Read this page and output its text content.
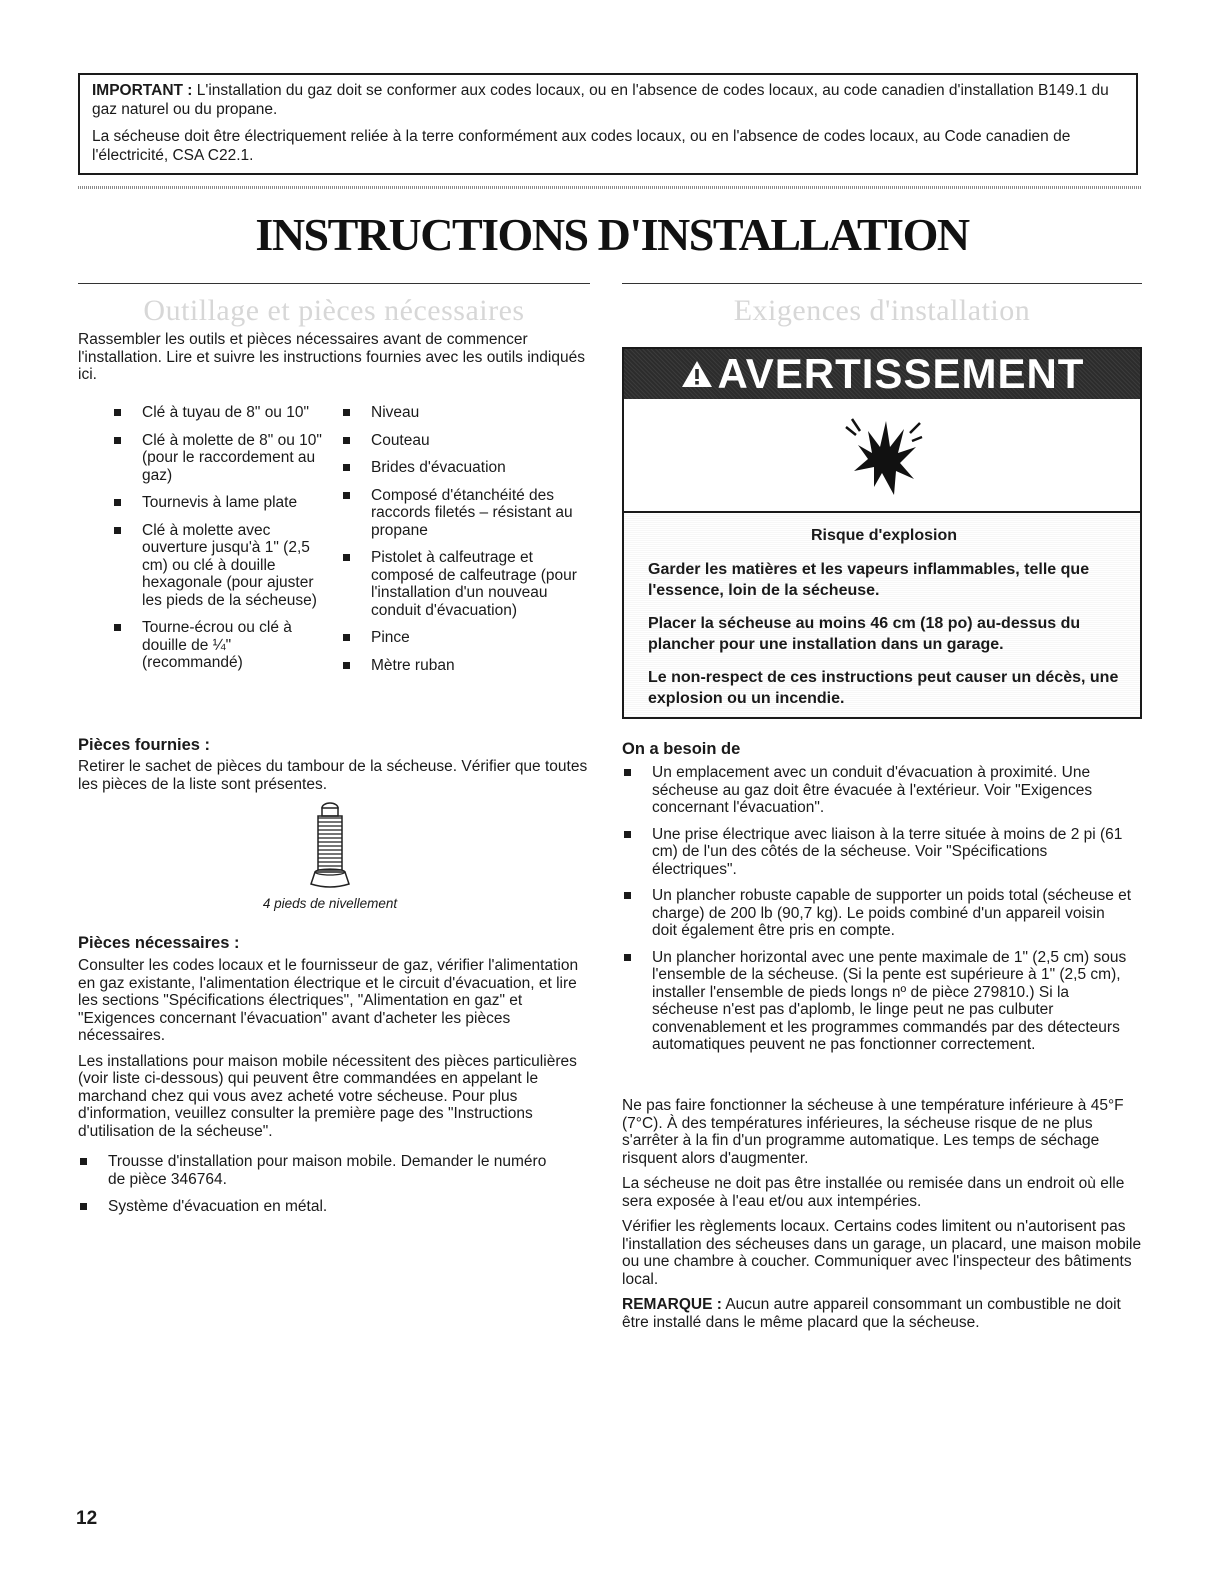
IMPORTANT : L'installation du gaz doit se conformer aux codes locaux, ou en l'absence de codes locaux, au code canadien d'installation B149.1 du gaz naturel ou du propane.

La sécheuse doit être électriquement reliée à la terre conformément aux codes locaux, ou en l'absence de codes locaux, au Code canadien de l'électricité, CSA C22.1.

INSTRUCTIONS D'INSTALLATION
Outillage et pièces nécessaires

Rassembler les outils et pièces nécessaires avant de commencer l'installation. Lire et suivre les instructions fournies avec les outils indiqués ici.

Clé à tuyau de 8" ou 10"
Clé à molette de 8" ou 10" (pour le raccordement au gaz)
Tournevis à lame plate
Clé à molette avec ouverture jusqu'à 1" (2,5 cm) ou clé à douille hexagonale (pour ajuster les pieds de la sécheuse)
Tourne-écrou ou clé à douille de ¼" (recommandé)
Niveau
Couteau
Brides d'évacuation
Composé d'étanchéité des raccords filetés – résistant au propane
Pistolet à calfeutrage et composé de calfeutrage (pour l'installation d'un nouveau conduit d'évacuation)
Pince
Mètre ruban
Pièces fournies :
Retirer le sachet de pièces du tambour de la sécheuse. Vérifier que toutes les pièces de la liste sont présentes.
4 pieds de nivellement
Pièces nécessaires :

Consulter les codes locaux et le fournisseur de gaz, vérifier l'alimentation en gaz existante, l'alimentation électrique et le circuit d'évacuation, et lire les sections "Spécifications électriques", "Alimentation en gaz" et "Exigences concernant l'évacuation" avant d'acheter les pièces nécessaires.

Les installations pour maison mobile nécessitent des pièces particulières (voir liste ci-dessous) qui peuvent être commandées en appelant le marchand chez qui vous avez acheté votre sécheuse. Pour plus d'information, veuillez consulter la première page des "Instructions d'utilisation de la sécheuse".

Trousse d'installation pour maison mobile. Demander le numéro de pièce 346764.
Système d'évacuation en métal.
Exigences d'installation
AVERTISSEMENT
Risque d'explosion

Garder les matières et les vapeurs inflammables, telle que l'essence, loin de la sécheuse.

Placer la sécheuse au moins 46 cm (18 po) au-dessus du plancher pour une installation dans un garage.

Le non-respect de ces instructions peut causer un décès, une explosion ou un incendie.

On a besoin de
Un emplacement avec un conduit d'évacuation à proximité. Une sécheuse au gaz doit être évacuée à l'extérieur. Voir "Exigences concernant l'évacuation".
Une prise électrique avec liaison à la terre située à moins de 2 pi (61 cm) de l'un des côtés de la sécheuse. Voir "Spécifications électriques".
Un plancher robuste capable de supporter un poids total (sécheuse et charge) de 200 lb (90,7 kg). Le poids combiné d'un appareil voisin doit également être pris en compte.
Un plancher horizontal avec une pente maximale de 1" (2,5 cm) sous l'ensemble de la sécheuse. (Si la pente est supérieure à 1" (2,5 cm), installer l'ensemble de pieds longs nº de pièce 279810.) Si la sécheuse n'est pas d'aplomb, le linge peut ne pas culbuter convenablement et les programmes commandés par des détecteurs automatiques peuvent ne pas fonctionner correctement.

Ne pas faire fonctionner la sécheuse à une température inférieure à 45°F (7°C). À des températures inférieures, la sécheuse risque de ne plus s'arrêter à la fin d'un programme automatique. Les temps de séchage risquent alors d'augmenter.

La sécheuse ne doit pas être installée ou remisée dans un endroit où elle sera exposée à l'eau et/ou aux intempéries.

Vérifier les règlements locaux. Certains codes limitent ou n'autorisent pas l'installation des sécheuses dans un garage, un placard, une maison mobile ou une chambre à coucher. Communiquer avec l'inspecteur des bâtiments local.

REMARQUE : Aucun autre appareil consommant un combustible ne doit être installé dans le même placard que la sécheuse.

12
